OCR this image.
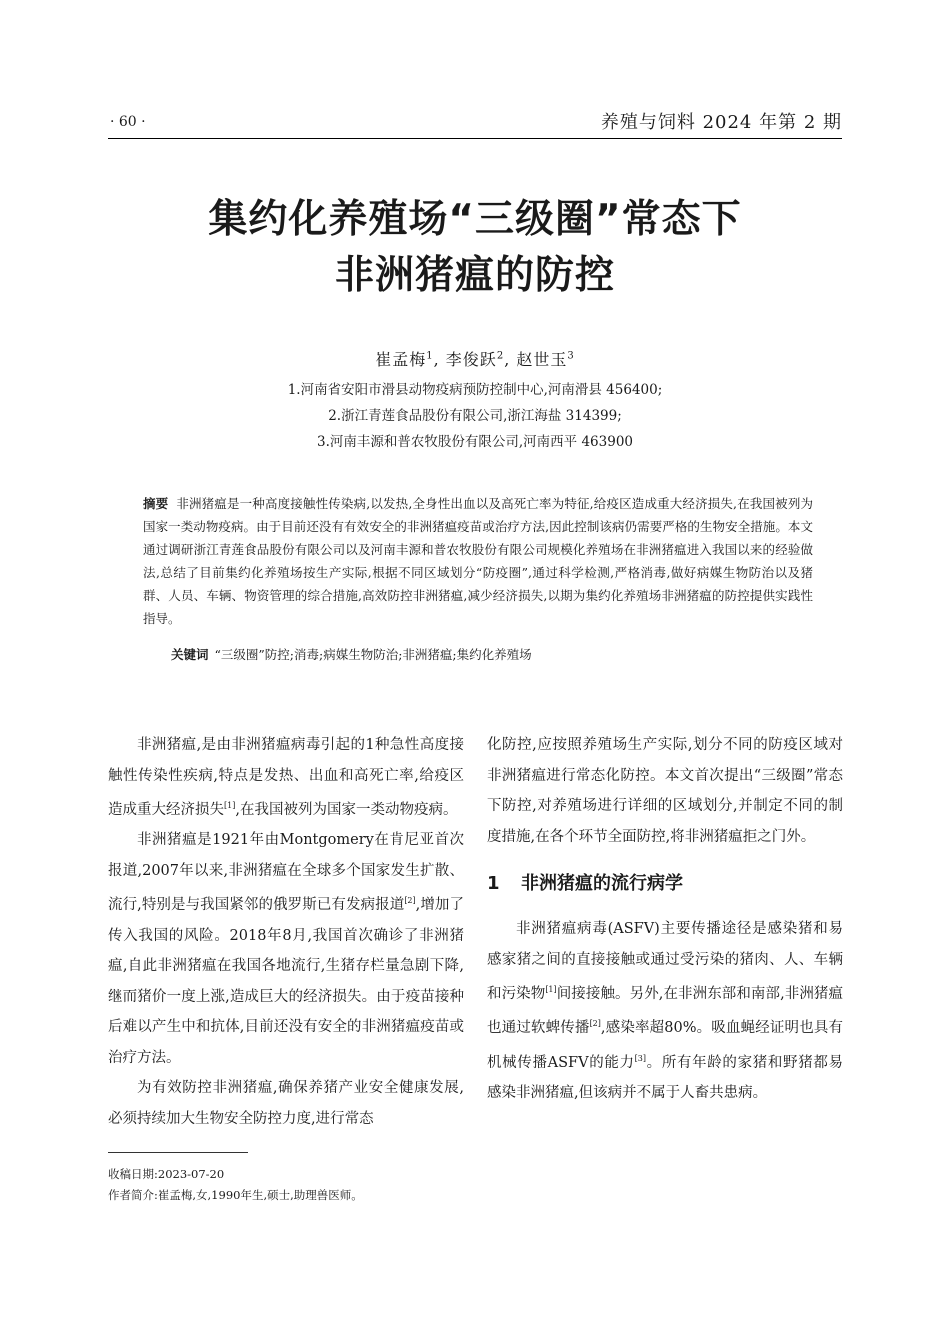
· 60 ·	养殖与饲料 2024 年第 2 期
集约化养殖场“三级圈”常态下
非洲猪瘟的防控
崔孟梅$^1$, 李俊跃$^2$, 赵世玉$^3$
1.河南省安阳市滑县动物疫病预防控制中心,河南滑县 456400;
2.浙江青莲食品股份有限公司,浙江海盐 314399;
3.河南丰源和普农牧股份有限公司,河南西平 463900
摘要 非洲猪瘟是一种高度接触性传染病,以发热,全身性出血以及高死亡率为特征,给疫区造成重大经济损失,在我国被列为国家一类动物疫病。由于目前还没有有效安全的非洲猪瘟疫苗或治疗方法,因此控制该病仍需要严格的生物安全措施。本文通过调研浙江青莲食品股份有限公司以及河南丰源和普农牧股份有限公司规模化养殖场在非洲猪瘟进入我国以来的经验做法,总结了目前集约化养殖场按生产实际,根据不同区域划分“防疫圈”,通过科学检测,严格消毒,做好病媒生物防治以及猪群、人员、车辆、物资管理的综合措施,高效防控非洲猪瘟,减少经济损失,以期为集约化养殖场非洲猪瘟的防控提供实践性指导。
关键词 “三级圈”防控;消毒;病媒生物防治;非洲猪瘟;集约化养殖场

非洲猪瘟,是由非洲猪瘟病毒引起的1种急性高度接触性传染性疾病,特点是发热、出血和高死亡率,给疫区造成重大经济损失[1],在我国被列为国家一类动物疫病。

非洲猪瘟是1921年由Montgomery在肯尼亚首次报道,2007年以来,非洲猪瘟在全球多个国家发生扩散、流行,特别是与我国紧邻的俄罗斯已有发病报道[2],增加了传入我国的风险。2018年8月,我国首次确诊了非洲猪瘟,自此非洲猪瘟在我国各地流行,生猪存栏量急剧下降,继而猪价一度上涨,造成巨大的经济损失。由于疫苗接种后难以产生中和抗体,目前还没有安全的非洲猪瘟疫苗或治疗方法。

为有效防控非洲猪瘟,确保养猪产业安全健康发展,必须持续加大生物安全防控力度,进行常态

化防控,应按照养殖场生产实际,划分不同的防疫区域对非洲猪瘟进行常态化防控。本文首次提出“三级圈”常态下防控,对养殖场进行详细的区域划分,并制定不同的制度措施,在各个环节全面防控,将非洲猪瘟拒之门外。

1 非洲猪瘟的流行病学

非洲猪瘟病毒(ASFV)主要传播途径是感染猪和易感家猪之间的直接接触或通过受污染的猪肉、人、车辆和污染物[1]间接接触。另外,在非洲东部和南部,非洲猪瘟也通过软蜱传播[2],感染率超80%。吸血蝇经证明也具有机械传播ASFV的能力[3]。所有年龄的家猪和野猪都易感染非洲猪瘟,但该病并不属于人畜共患病。

收稿日期:2023-07-20
作者简介:崔孟梅,女,1990年生,硕士,助理兽医师。
